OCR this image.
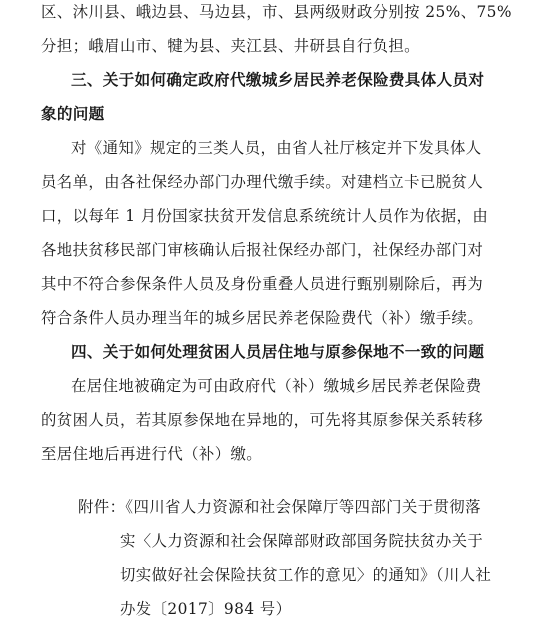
区、沐川县、峨边县、马边县，市、县两级财政分别按 25%、75%
分担；峨眉山市、犍为县、夹江县、井研县自行负担。
三、关于如何确定政府代缴城乡居民养老保险费具体人员对
象的问题
对《通知》规定的三类人员，由省人社厅核定并下发具体人
员名单，由各社保经办部门办理代缴手续。对建档立卡已脱贫人
口，以每年 1 月份国家扶贫开发信息系统统计人员作为依据，由
各地扶贫移民部门审核确认后报社保经办部门，社保经办部门对
其中不符合参保条件人员及身份重叠人员进行甄别剔除后，再为
符合条件人员办理当年的城乡居民养老保险费代（补）缴手续。
四、关于如何处理贫困人员居住地与原参保地不一致的问题
在居住地被确定为可由政府代（补）缴城乡居民养老保险费
的贫困人员，若其原参保地在异地的，可先将其原参保关系转移
至居住地后再进行代（补）缴。
附件：《四川省人力资源和社会保障厅等四部门关于贯彻落
实〈人力资源和社会保障部财政部国务院扶贫办关于
切实做好社会保险扶贫工作的意见〉的通知》（川人社
办发〔2017〕984 号）
